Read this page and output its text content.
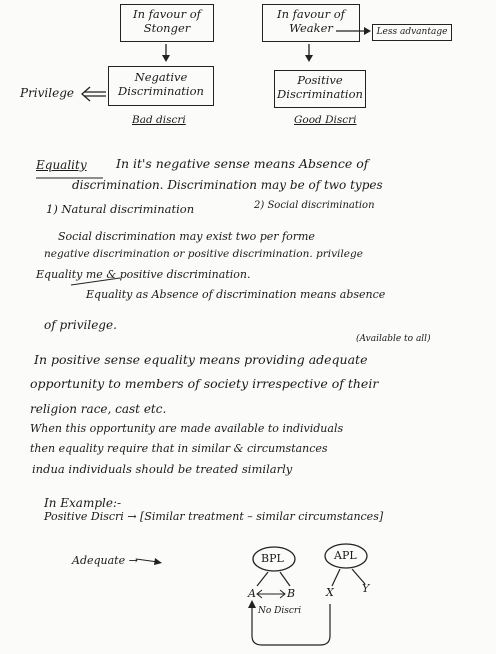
In favour of
Stonger
In favour of
Weaker	Less advantage
Negative
Discrimination
Positive
Discrimination
Privilege
Bad discri	Good Discri
Equality In it's negative sense means Absence of
discrimination. Discrimination may be of two types
1) Natural discrimination	2) Social discrimination
Social discrimination may exist two per forme
negative discrimination or positive discrimination. privilege
Equality me & positive discrimination.
Equality as Absence of discrimination means absence
of privilege.
(Available to all)
In positive sense equality means providing adequate
opportunity to members of society irrespective of their
religion race, cast etc.
When this opportunity are made available to individuals
then equality require that in similar & circumstances
indua individuals should be treated similarly
In Example:-
Positive Discri → [Similar treatment – similar circumstances]
Adequate →	BPL	APL
A	B	X	Y
No Discri
